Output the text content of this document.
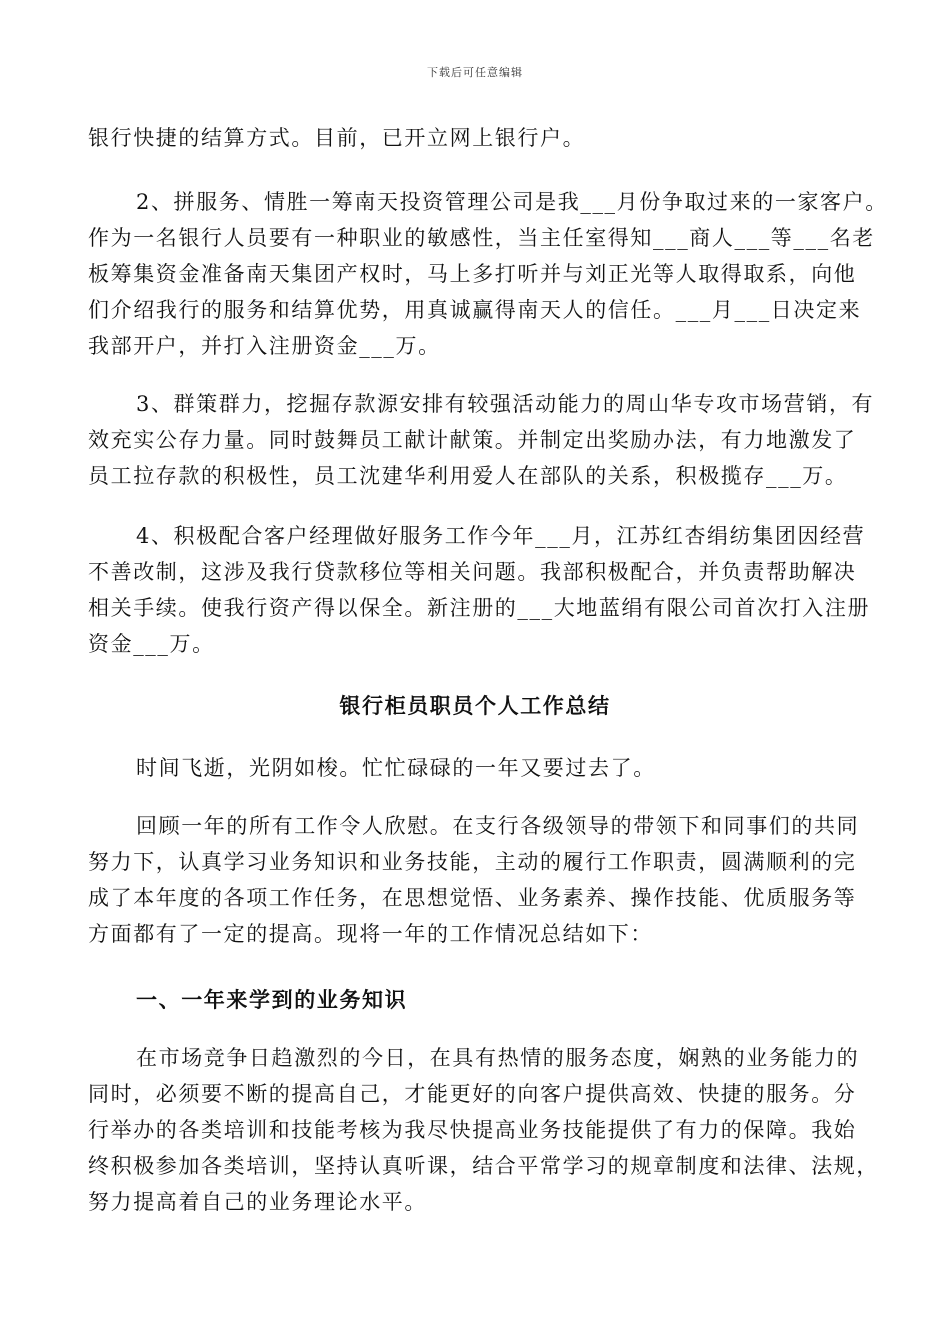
下载后可任意编辑
银行快捷的结算方式。目前，已开立网上银行户。
2、拼服务、情胜一筹南天投资管理公司是我___月份争取过来的一家客户。
作为一名银行人员要有一种职业的敏感性，当主任室得知___商人___等___名老
板筹集资金准备南天集团产权时，马上多打听并与刘正光等人取得取系，向他
们介绍我行的服务和结算优势，用真诚赢得南天人的信任。___月___日决定来
我部开户，并打入注册资金___万。
3、群策群力，挖掘存款源安排有较强活动能力的周山华专攻市场营销，有
效充实公存力量。同时鼓舞员工献计献策。并制定出奖励办法，有力地激发了
员工拉存款的积极性，员工沈建华利用爱人在部队的关系，积极揽存___万。
4、积极配合客户经理做好服务工作今年___月，江苏红杏绢纺集团因经营
不善改制，这涉及我行贷款移位等相关问题。我部积极配合，并负责帮助解决
相关手续。使我行资产得以保全。新注册的___大地蓝绢有限公司首次打入注册
资金___万。
银行柜员职员个人工作总结
时间飞逝，光阴如梭。忙忙碌碌的一年又要过去了。
回顾一年的所有工作令人欣慰。在支行各级领导的带领下和同事们的共同
努力下，认真学习业务知识和业务技能，主动的履行工作职责，圆满顺利的完
成了本年度的各项工作任务，在思想觉悟、业务素养、操作技能、优质服务等
方面都有了一定的提高。现将一年的工作情况总结如下：
一、一年来学到的业务知识
在市场竞争日趋激烈的今日，在具有热情的服务态度，娴熟的业务能力的
同时，必须要不断的提高自己，才能更好的向客户提供高效、快捷的服务。分
行举办的各类培训和技能考核为我尽快提高业务技能提供了有力的保障。我始
终积极参加各类培训，坚持认真听课，结合平常学习的规章制度和法律、法规，
努力提高着自己的业务理论水平。
